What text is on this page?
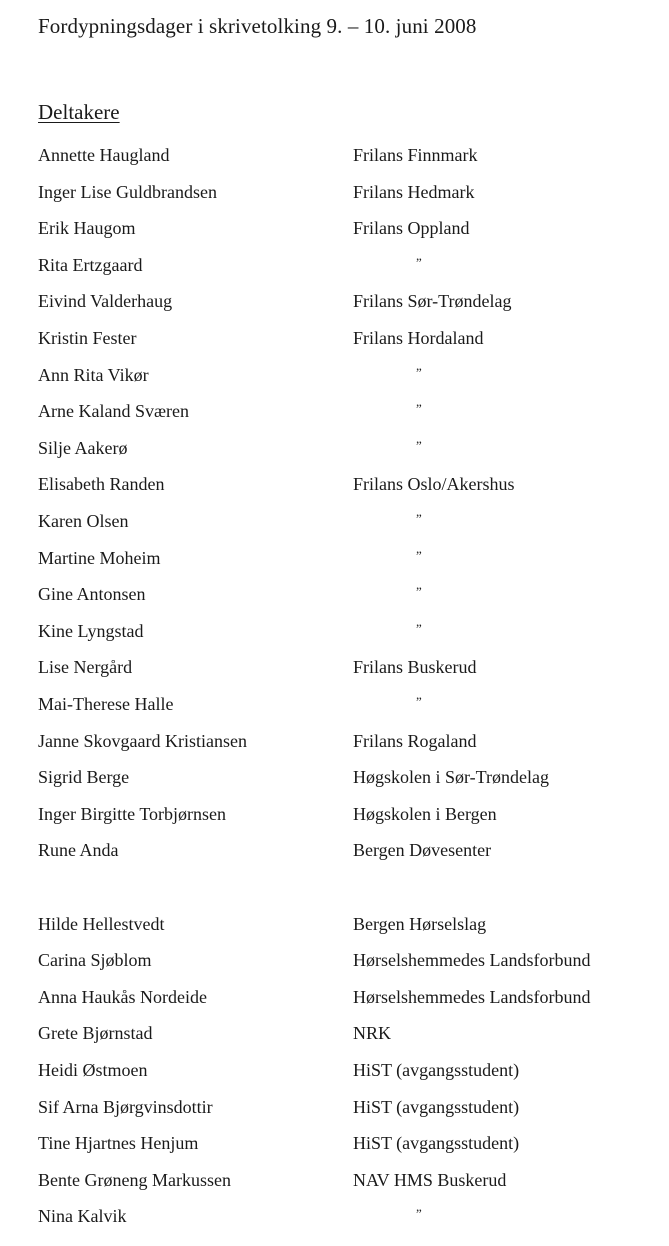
Fordypningsdager i skrivetolking 9. – 10. juni 2008
Deltakere
Annette Haugland	Frilans Finnmark
Inger Lise Guldbrandsen	Frilans Hedmark
Erik Haugom	Frilans Oppland
Rita Ertzgaard	”
Eivind Valderhaug	Frilans Sør-Trøndelag
Kristin Fester	Frilans Hordaland
Ann Rita Vikør	”
Arne Kaland Sværen	”
Silje Aakerø	”
Elisabeth Randen	Frilans Oslo/Akershus
Karen Olsen	”
Martine Moheim	”
Gine Antonsen	”
Kine Lyngstad	”
Lise Nergård	Frilans Buskerud
Mai-Therese Halle	”
Janne Skovgaard Kristiansen	Frilans Rogaland
Sigrid Berge	Høgskolen i Sør-Trøndelag
Inger Birgitte Torbjørnsen	Høgskolen i Bergen
Rune Anda	Bergen Døvesenter
Hilde Hellestvedt	Bergen Hørselslag
Carina Sjøblom	Hørselshemmedes Landsforbund
Anna Haukås Nordeide	Hørselshemmedes Landsforbund
Grete Bjørnstad	NRK
Heidi Østmoen	HiST (avgangsstudent)
Sif Arna Bjørgvinsdottir	HiST (avgangsstudent)
Tine Hjartnes Henjum	HiST (avgangsstudent)
Bente Grøneng Markussen	NAV HMS Buskerud
Nina Kalvik	”
